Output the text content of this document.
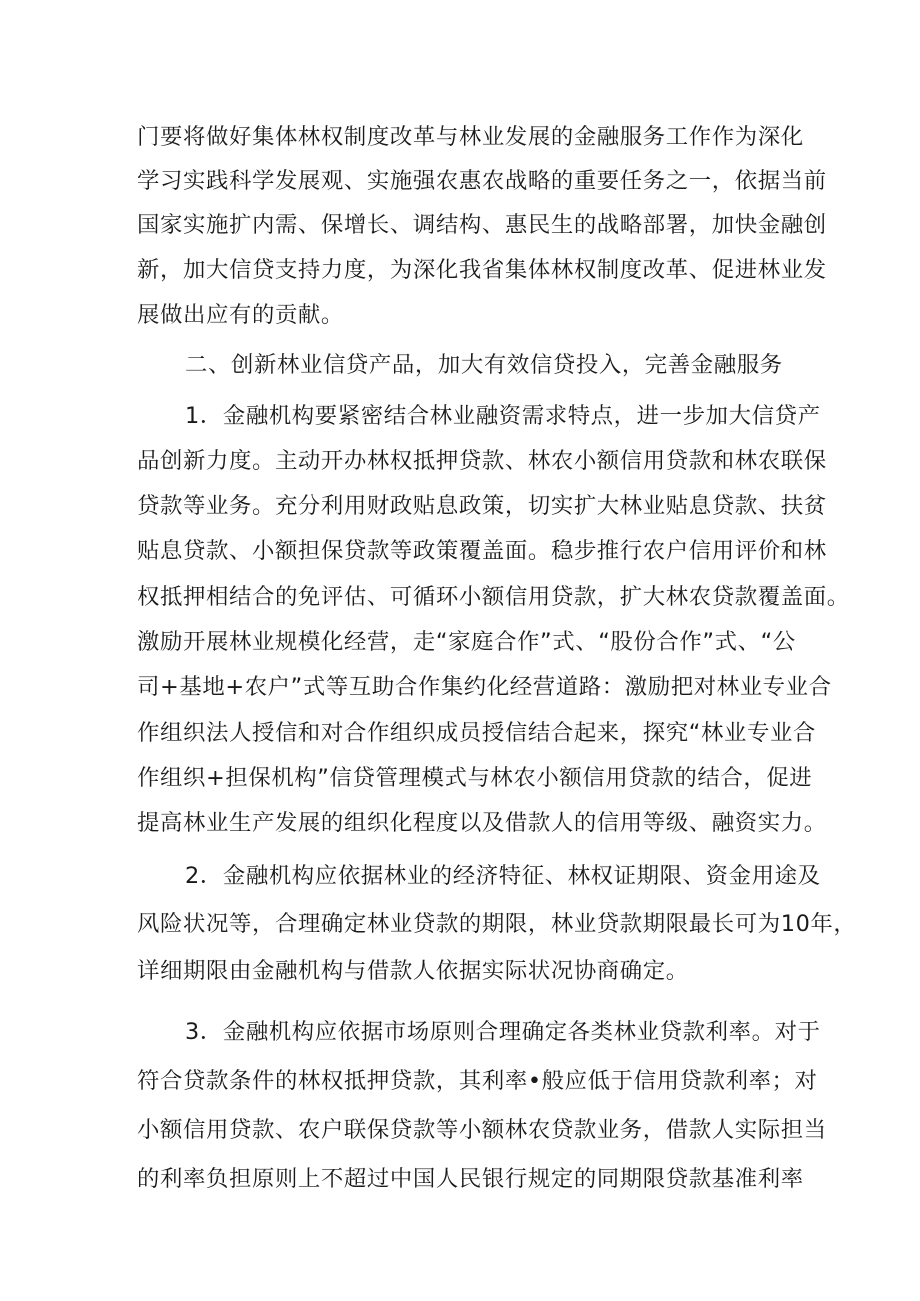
门要将做好集体林权制度改革与林业发展的金融服务工作作为深化

学习实践科学发展观、实施强农惠农战略的重要任务之一，依据当前

国家实施扩内需、保增长、调结构、惠民生的战略部署，加快金融创

新，加大信贷支持力度，为深化我省集体林权制度改革、促进林业发

展做出应有的贡献。

二、创新林业信贷产品，加大有效信贷投入，完善金融服务

1．金融机构要紧密结合林业融资需求特点，进一步加大信贷产

品创新力度。主动开办林权抵押贷款、林农小额信用贷款和林农联保

贷款等业务。充分利用财政贴息政策，切实扩大林业贴息贷款、扶贫

贴息贷款、小额担保贷款等政策覆盖面。稳步推行农户信用评价和林

权抵押相结合的免评估、可循环小额信用贷款，扩大林农贷款覆盖面。

激励开展林业规模化经营，走“家庭合作”式、“股份合作”式、“公

司+基地+农户”式等互助合作集约化经营道路：激励把对林业专业合

作组织法人授信和对合作组织成员授信结合起来，探究“林业专业合

作组织+担保机构”信贷管理模式与林农小额信用贷款的结合，促进

提高林业生产发展的组织化程度以及借款人的信用等级、融资实力。

2．金融机构应依据林业的经济特征、林权证期限、资金用途及

风险状况等，合理确定林业贷款的期限，林业贷款期限最长可为10年，

详细期限由金融机构与借款人依据实际状况协商确定。

3．金融机构应依据市场原则合理确定各类林业贷款利率。对于

符合贷款条件的林权抵押贷款，其利率•般应低于信用贷款利率；对

小额信用贷款、农户联保贷款等小额林农贷款业务，借款人实际担当

的利率负担原则上不超过中国人民银行规定的同期限贷款基准利率
